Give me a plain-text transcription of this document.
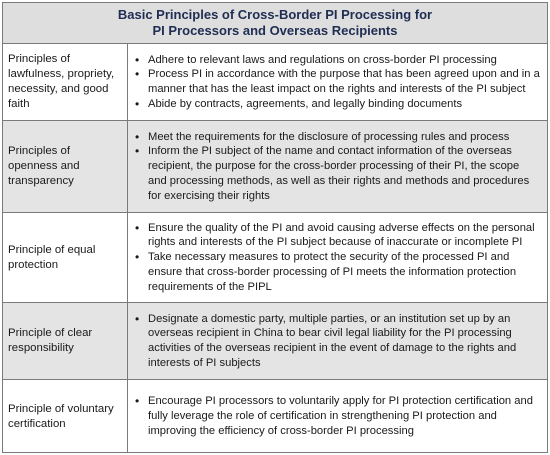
Basic Principles of Cross-Border PI Processing for
PI Processors and Overseas Recipients
Principles of lawfulness, propriety, necessity, and good faith
• Adhere to relevant laws and regulations on cross-border PI processing
• Process PI in accordance with the purpose that has been agreed upon and in a manner that has the least impact on the rights and interests of the PI subject
• Abide by contracts, agreements, and legally binding documents
Principles of openness and transparency
• Meet the requirements for the disclosure of processing rules and process
• Inform the PI subject of the name and contact information of the overseas recipient, the purpose for the cross-border processing of their PI, the scope and processing methods, as well as their rights and methods and procedures for exercising their rights
Principle of equal protection
• Ensure the quality of the PI and avoid causing adverse effects on the personal rights and interests of the PI subject because of inaccurate or incomplete PI
• Take necessary measures to protect the security of the processed PI and ensure that cross-border processing of PI meets the information protection requirements of the PIPL
Principle of clear responsibility
• Designate a domestic party, multiple parties, or an institution set up by an overseas recipient in China to bear civil legal liability for the PI processing activities of the overseas recipient in the event of damage to the rights and interests of PI subjects
Principle of voluntary certification
• Encourage PI processors to voluntarily apply for PI protection certification and fully leverage the role of certification in strengthening PI protection and improving the efficiency of cross-border PI processing
